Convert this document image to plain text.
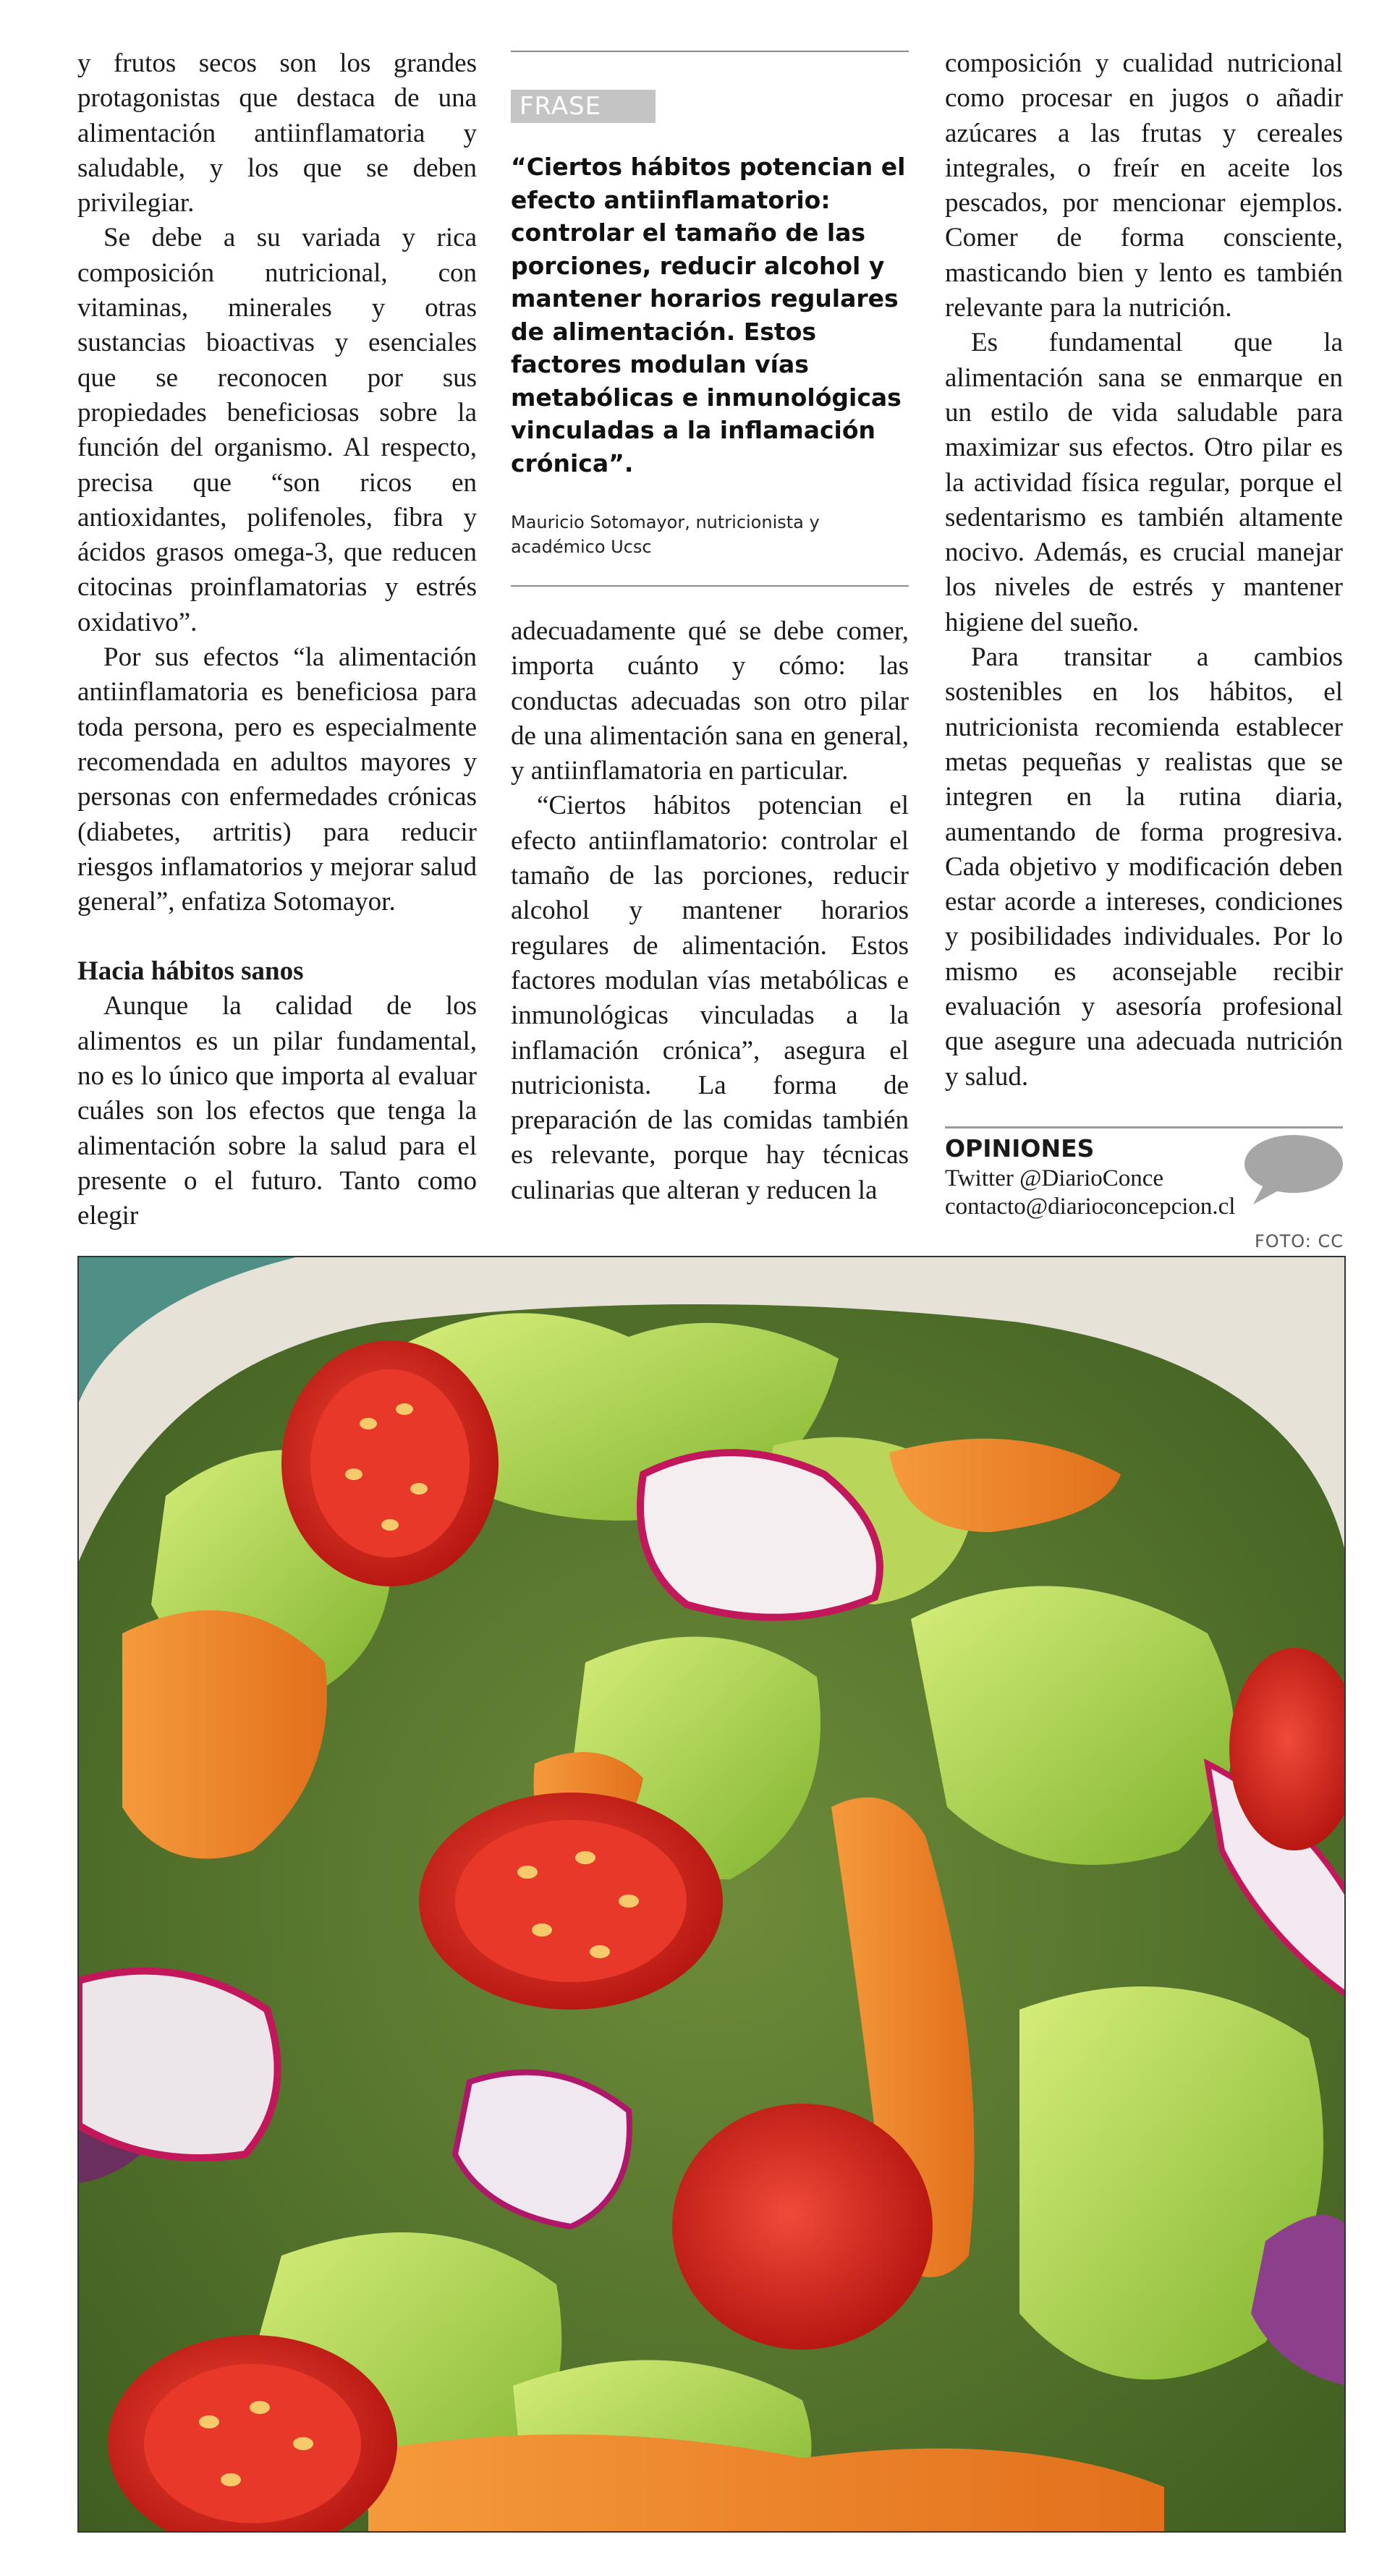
y frutos secos son los grandes protagonistas que destaca de una alimentación antiinflamatoria y saludable, y los que se deben privilegiar.

Se debe a su variada y rica composición nutricional, con vitaminas, minerales y otras sustancias bioactivas y esenciales que se reconocen por sus propiedades beneficiosas sobre la función del organismo. Al respecto, precisa que “son ricos en antioxidantes, polifenoles, fibra y ácidos grasos omega-3, que reducen citocinas proinflamatorias y estrés oxidativo”.

Por sus efectos “la alimentación antiinflamatoria es beneficiosa para toda persona, pero es especialmente recomendada en adultos mayores y personas con enfermedades crónicas (diabetes, artritis) para reducir riesgos inflamatorios y mejorar salud general”, enfatiza Sotomayor.

Hacia hábitos sanos

Aunque la calidad de los alimentos es un pilar fundamental, no es lo único que importa al evaluar cuáles son los efectos que tenga la alimentación sobre la salud para el presente o el futuro. Tanto como elegir

FRASE
“Ciertos hábitos potencian el efecto antiinflamatorio: controlar el tamaño de las porciones, reducir alcohol y mantener horarios regulares de alimentación. Estos factores modulan vías metabólicas e inmunológicas vinculadas a la inflamación crónica”.
Mauricio Sotomayor, nutricionista y académico Ucsc

adecuadamente qué se debe comer, importa cuánto y cómo: las conductas adecuadas son otro pilar de una alimentación sana en general, y antiinflamatoria en particular.

“Ciertos hábitos potencian el efecto antiinflamatorio: controlar el tamaño de las porciones, reducir alcohol y mantener horarios regulares de alimentación. Estos factores modulan vías metabólicas e inmunológicas vinculadas a la inflamación crónica”, asegura el nutricionista. La forma de preparación de las comidas también es relevante, porque hay técnicas culinarias que alteran y reducen la

composición y cualidad nutricional como procesar en jugos o añadir azúcares a las frutas y cereales integrales, o freír en aceite los pescados, por mencionar ejemplos. Comer de forma consciente, masticando bien y lento es también relevante para la nutrición.

Es fundamental que la alimentación sana se enmarque en un estilo de vida saludable para maximizar sus efectos. Otro pilar es la actividad física regular, porque el sedentarismo es también altamente nocivo. Además, es crucial manejar los niveles de estrés y mantener higiene del sueño.

Para transitar a cambios sostenibles en los hábitos, el nutricionista recomienda establecer metas pequeñas y realistas que se integren en la rutina diaria, aumentando de forma progresiva. Cada objetivo y modificación deben estar acorde a intereses, condiciones y posibilidades individuales. Por lo mismo es aconsejable recibir evaluación y asesoría profesional que asegure una adecuada nutrición y salud.

OPINIONES
Twitter @DiarioConce
contacto@diarioconcepcion.cl
FOTO: CC
